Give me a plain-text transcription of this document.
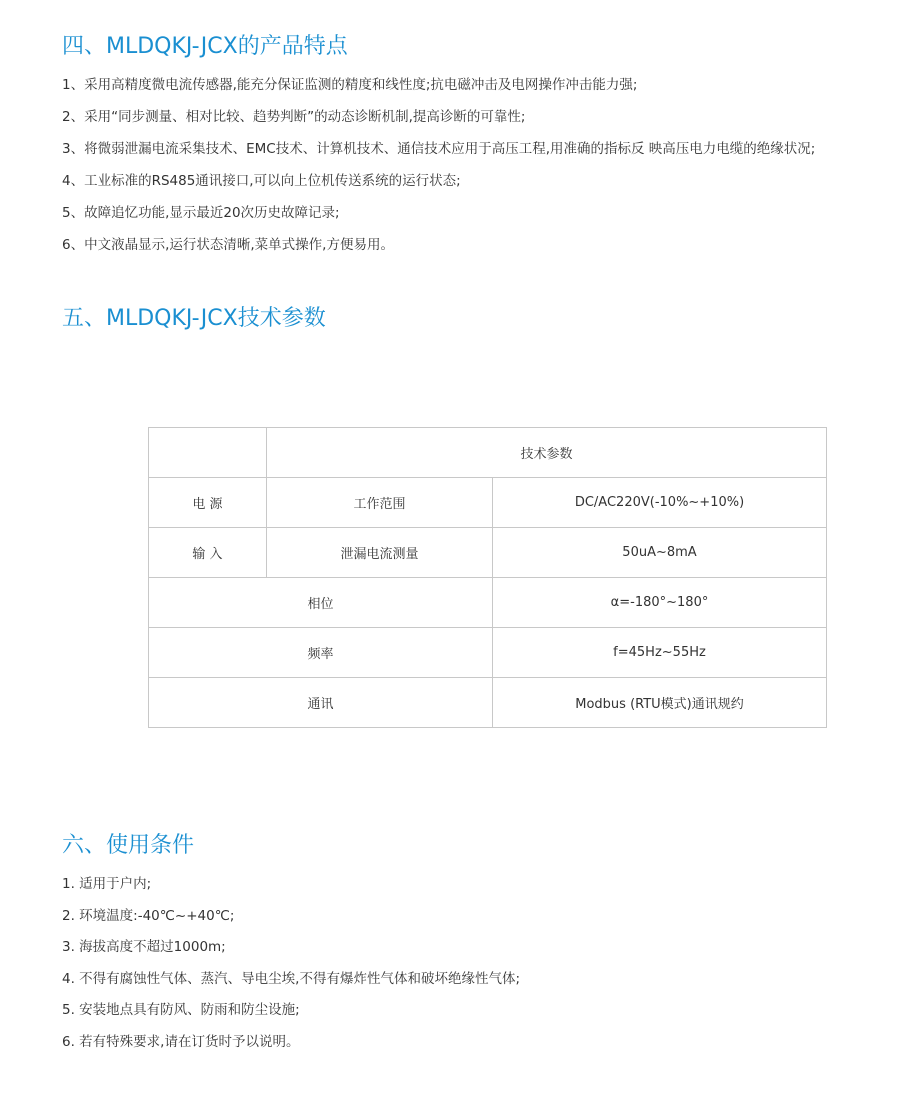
四、MLDQKJ-JCX的产品特点
1、采用高精度微电流传感器,能充分保证监测的精度和线性度;抗电磁冲击及电网操作冲击能力强;
2、采用“同步测量、相对比较、趋势判断”的动态诊断机制,提高诊断的可靠性;
3、将微弱泄漏电流采集技术、EMC技术、计算机技术、通信技术应用于高压工程,用准确的指标反 映高压电力电缆的绝缘状况;
4、工业标准的RS485通讯接口,可以向上位机传送系统的运行状态;
5、故障追忆功能,显示最近20次历史故障记录;
6、中文液晶显示,运行状态清晰,菜单式操作,方便易用。
五、MLDQKJ-JCX技术参数
	技术参数	
电 源	工作范围	DC/AC220V(-10%~+10%)
输 入	泄漏电流测量	50uA~8mA
相位		α=-180°~180°
频率		f=45Hz~55Hz
通讯		Modbus (RTU模式)通讯规约
六、使用条件
1. 适用于户内;
2. 环境温度:-40℃~+40℃;
3. 海拔高度不超过1000m;
4. 不得有腐蚀性气体、蒸汽、导电尘埃,不得有爆炸性气体和破坏绝缘性气体;
5. 安装地点具有防风、防雨和防尘设施;
6. 若有特殊要求,请在订货时予以说明。
